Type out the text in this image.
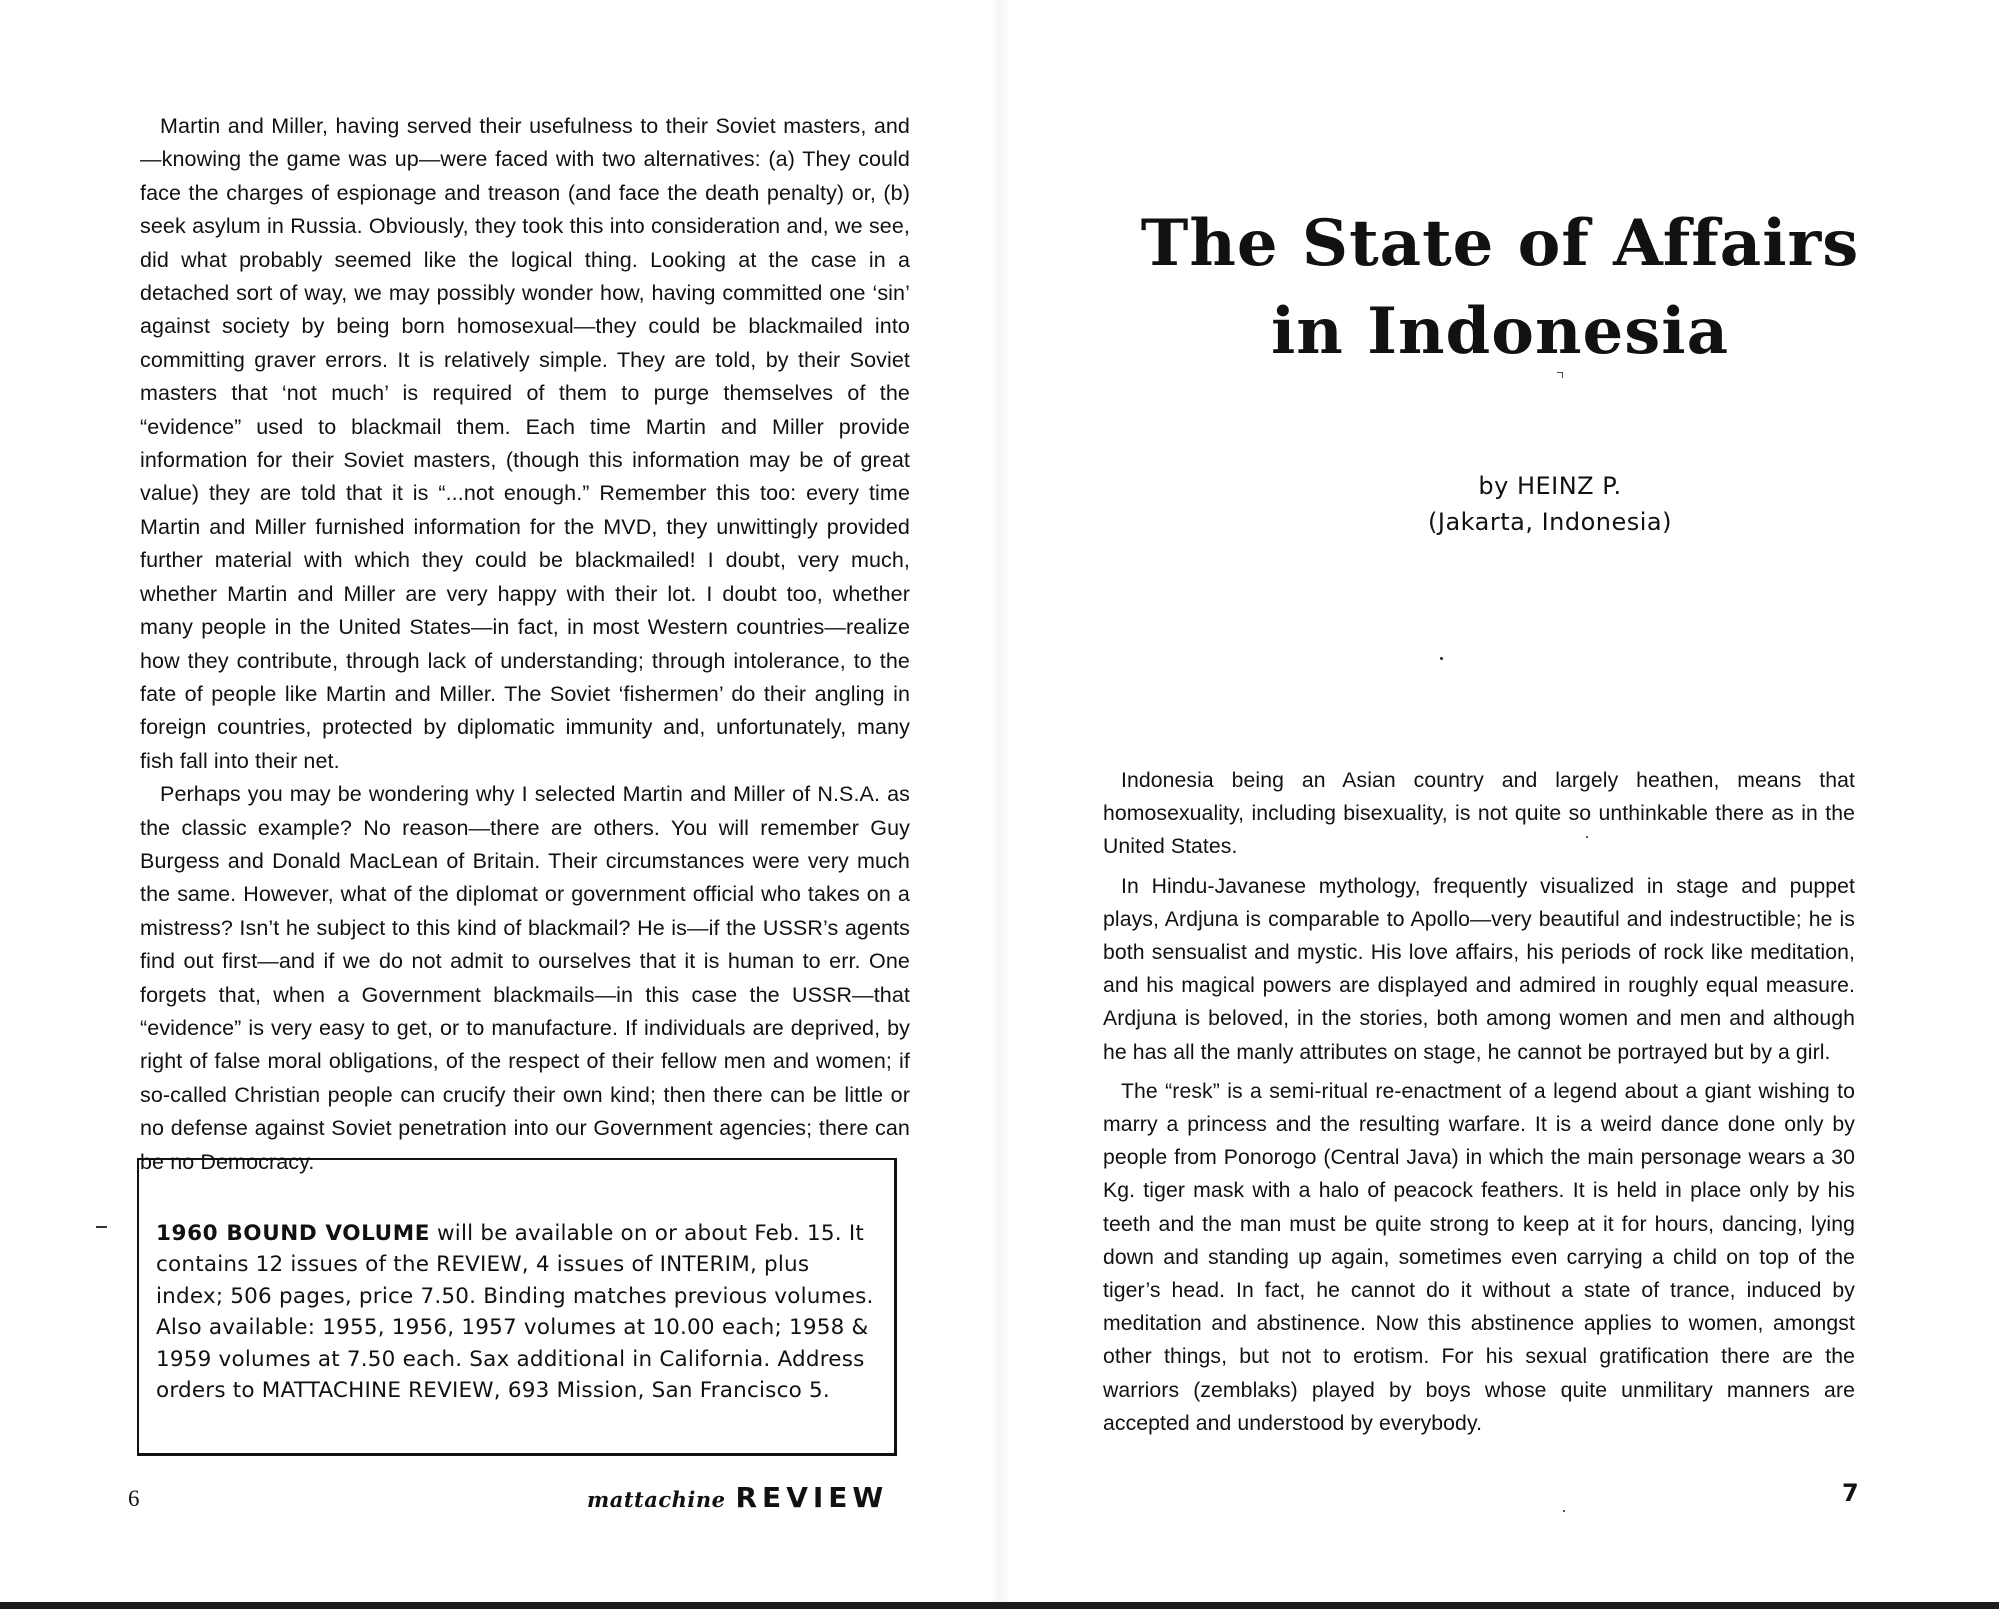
Martin and Miller, having served their usefulness to their Soviet masters, and—knowing the game was up—were faced with two alternatives: (a) They could face the charges of espionage and treason (and face the death penalty) or, (b) seek asylum in Russia. Obviously, they took this into consideration and, we see, did what probably seemed like the logical thing. Looking at the case in a detached sort of way, we may possibly wonder how, having committed one ‘sin’ against society by being born homosexual—they could be blackmailed into committing graver errors. It is relatively simple. They are told, by their Soviet masters that ‘not much’ is required of them to purge themselves of the “evidence” used to blackmail them. Each time Martin and Miller provide information for their Soviet masters, (though this information may be of great value) they are told that it is “...not enough.” Remember this too: every time Martin and Miller furnished information for the MVD, they unwittingly provided further material with which they could be blackmailed! I doubt, very much, whether Martin and Miller are very happy with their lot. I doubt too, whether many people in the United States—in fact, in most Western countries—realize how they contribute, through lack of understanding; through intolerance, to the fate of people like Martin and Miller. The Soviet ‘fishermen’ do their angling in foreign countries, protected by diplomatic immunity and, unfortunately, many fish fall into their net.

Perhaps you may be wondering why I selected Martin and Miller of N.S.A. as the classic example? No reason—there are others. You will remember Guy Burgess and Donald MacLean of Britain. Their circumstances were very much the same. However, what of the diplomat or government official who takes on a mistress? Isn’t he subject to this kind of blackmail? He is—if the USSR’s agents find out first—and if we do not admit to ourselves that it is human to err. One forgets that, when a Government blackmails—in this case the USSR—that “evidence” is very easy to get, or to manufacture. If individuals are deprived, by right of false moral obligations, of the respect of their fellow men and women; if so-called Christian people can crucify their own kind; then there can be little or no defense against Soviet penetration into our Government agencies; there can be no Democracy.

1960 BOUND VOLUME will be available on or about Feb. 15. It contains 12 issues of the REVIEW, 4 issues of INTERIM, plus index; 506 pages, price 7.50. Binding matches previous volumes. Also available: 1955, 1956, 1957 volumes at 10.00 each; 1958 & 1959 volumes at 7.50 each. Sax additional in California. Address orders to MATTACHINE REVIEW, 693 Mission, San Francisco 5.
6	mattachine REVIEW
The State of Affairs
in Indonesia
by HEINZ P.
(Jakarta, Indonesia)

Indonesia being an Asian country and largely heathen, means that homosexuality, including bisexuality, is not quite so unthinkable there as in the United States.

In Hindu-Javanese mythology, frequently visualized in stage and puppet plays, Ardjuna is comparable to Apollo—very beautiful and indestructible; he is both sensualist and mystic. His love affairs, his periods of rock like meditation, and his magical powers are displayed and admired in roughly equal measure. Ardjuna is beloved, in the stories, both among women and men and although he has all the manly attributes on stage, he cannot be portrayed but by a girl.

The “resk” is a semi-ritual re-enactment of a legend about a giant wishing to marry a princess and the resulting warfare. It is a weird dance done only by people from Ponorogo (Central Java) in which the main personage wears a 30 Kg. tiger mask with a halo of peacock feathers. It is held in place only by his teeth and the man must be quite strong to keep at it for hours, dancing, lying down and standing up again, sometimes even carrying a child on top of the tiger’s head. In fact, he cannot do it without a state of trance, induced by meditation and abstinence. Now this abstinence applies to women, amongst other things, but not to erotism. For his sexual gratification there are the warriors (zemblaks) played by boys whose quite unmilitary manners are accepted and understood by everybody.

7
